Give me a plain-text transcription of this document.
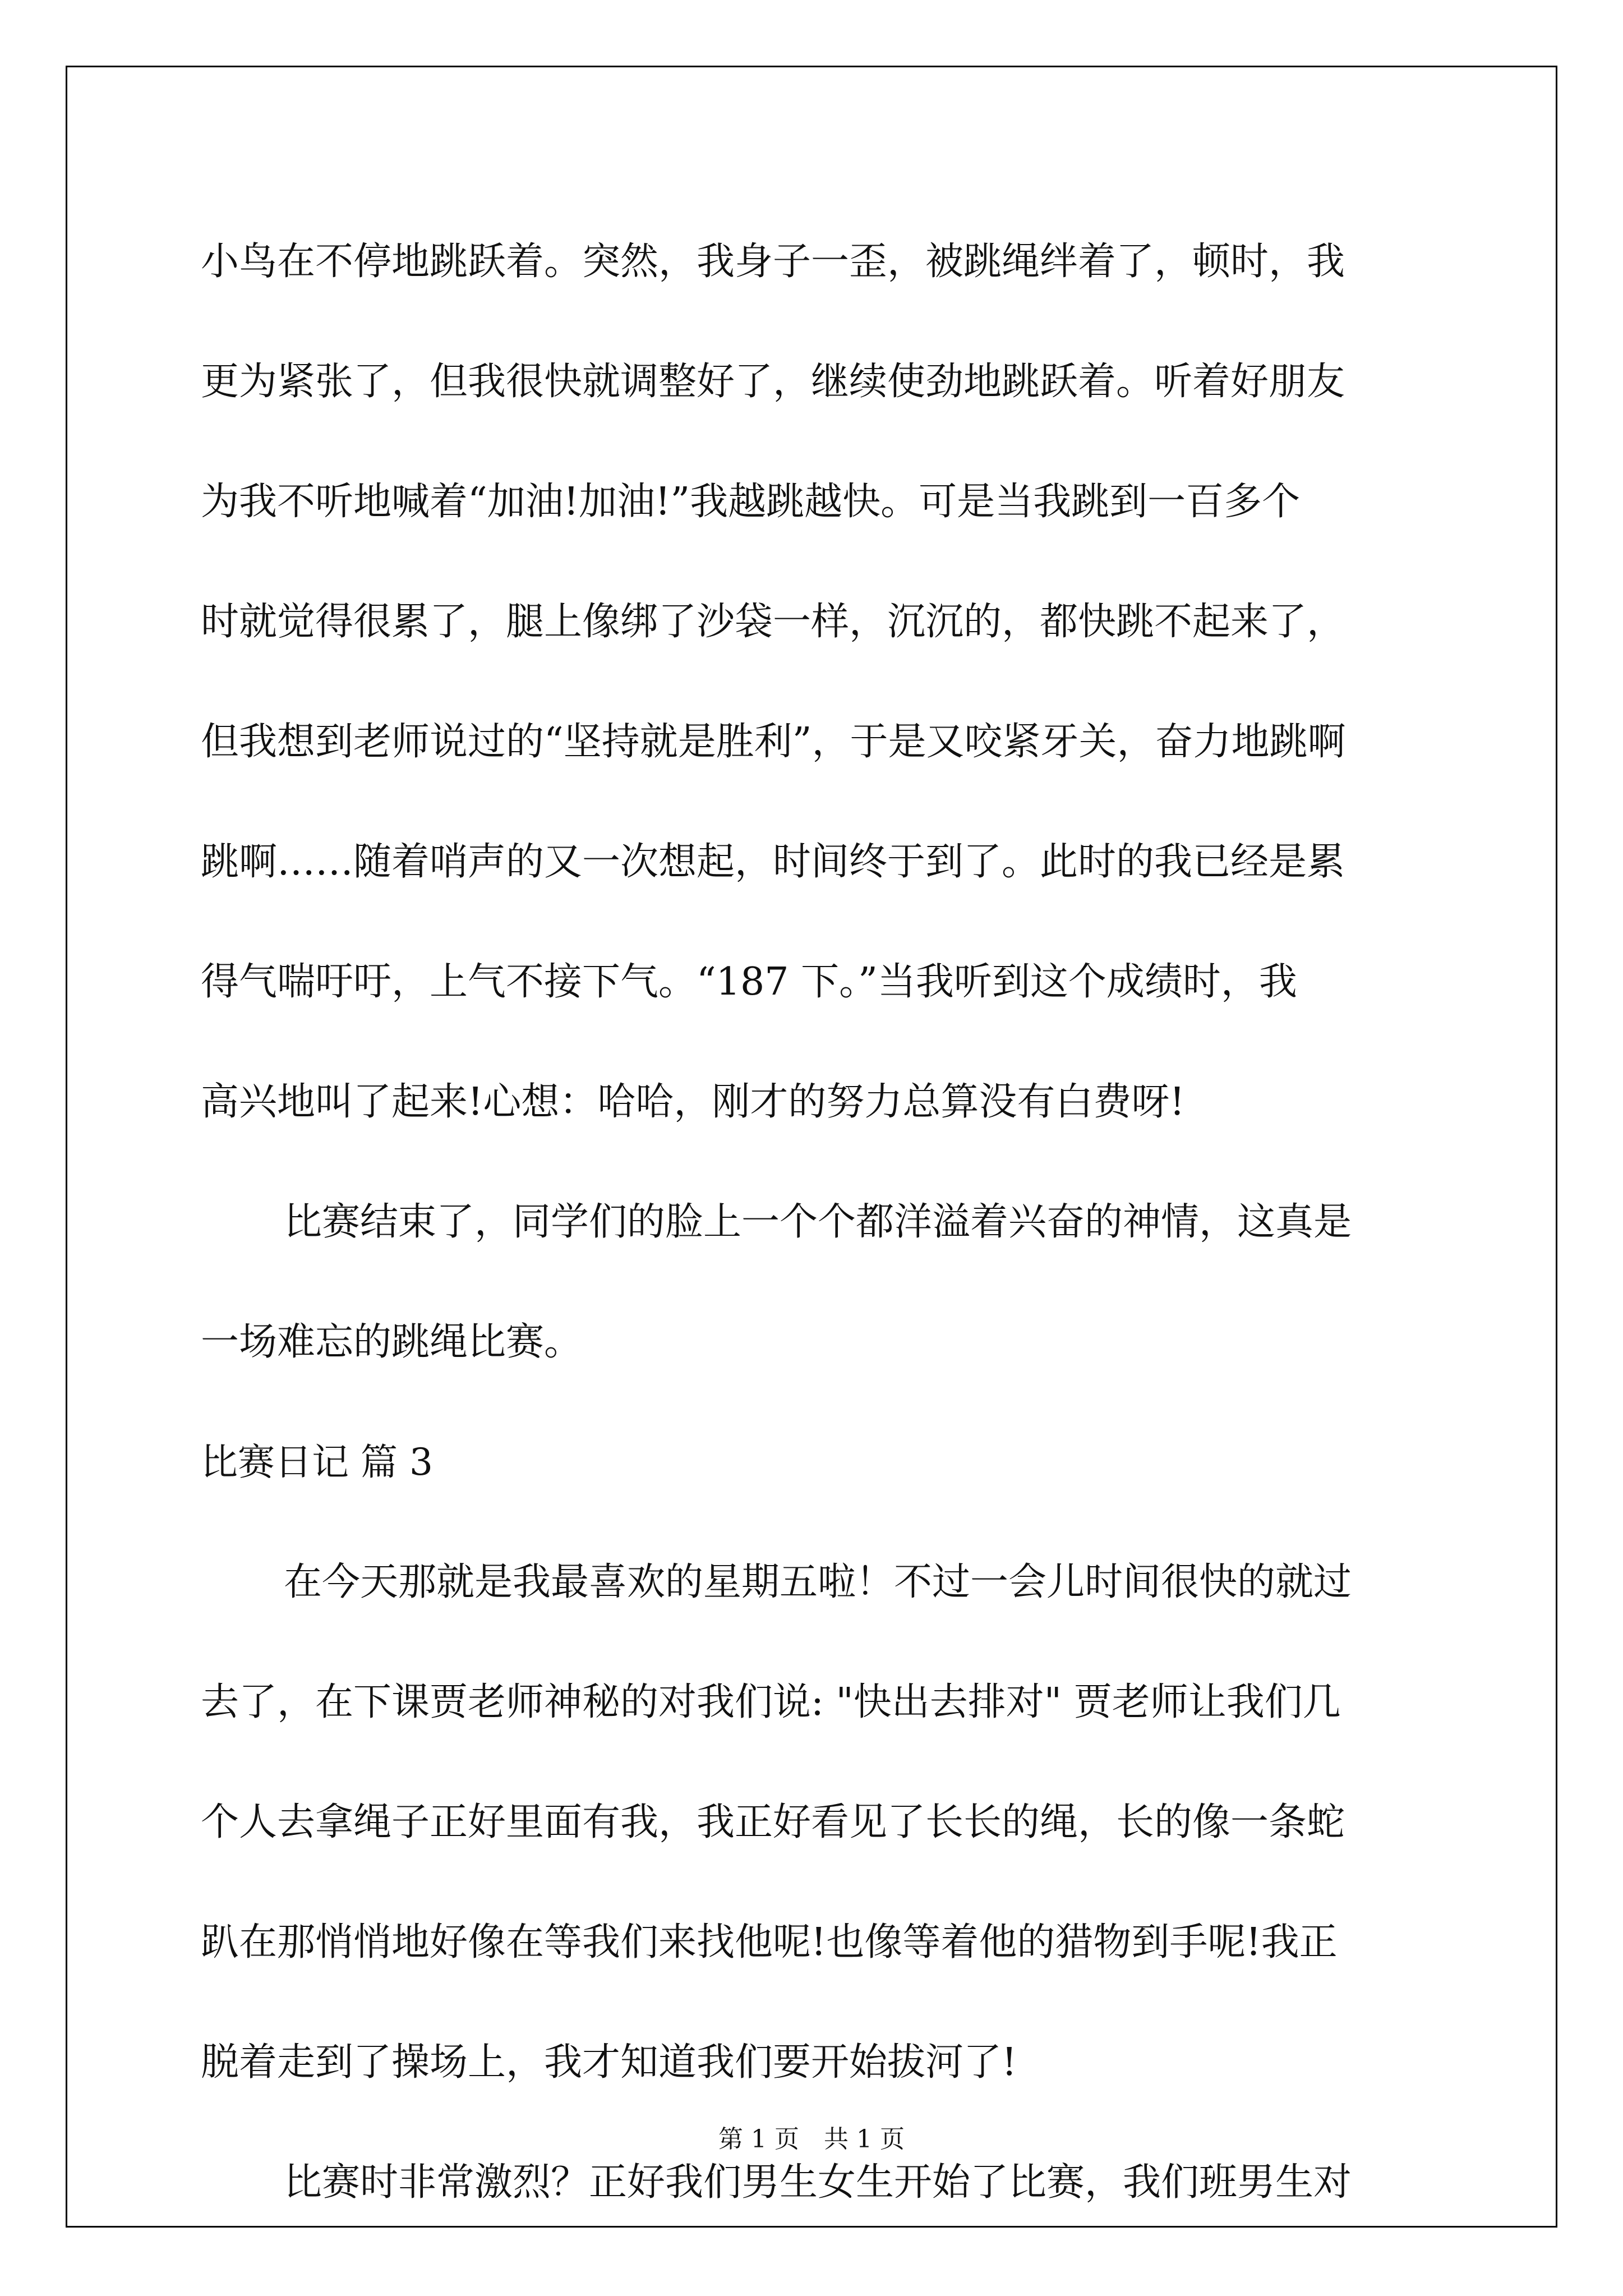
小鸟在不停地跳跃着。突然，我身子一歪，被跳绳绊着了，顿时，我
更为紧张了，但我很快就调整好了，继续使劲地跳跃着。听着好朋友
为我不听地喊着“加油!加油!”我越跳越快。可是当我跳到一百多个
时就觉得很累了，腿上像绑了沙袋一样，沉沉的，都快跳不起来了，
但我想到老师说过的“坚持就是胜利”，于是又咬紧牙关，奋力地跳啊
跳啊……随着哨声的又一次想起，时间终于到了。此时的我已经是累
得气喘吁吁，上气不接下气。“187 下。”当我听到这个成绩时，我
高兴地叫了起来!心想：哈哈，刚才的努力总算没有白费呀!
比赛结束了，同学们的脸上一个个都洋溢着兴奋的神情，这真是
一场难忘的跳绳比赛。
比赛日记 篇 3
在今天那就是我最喜欢的星期五啦！不过一会儿时间很快的就过
去了，在下课贾老师神秘的对我们说: "快出去排对" 贾老师让我们几
个人去拿绳子正好里面有我，我正好看见了长长的绳，长的像一条蛇
趴在那悄悄地好像在等我们来找他呢!也像等着他的猎物到手呢!我正
脱着走到了操场上，我才知道我们要开始拔河了!
比赛时非常激烈？正好我们男生女生开始了比赛，我们班男生对
第 1 页　共 1 页
